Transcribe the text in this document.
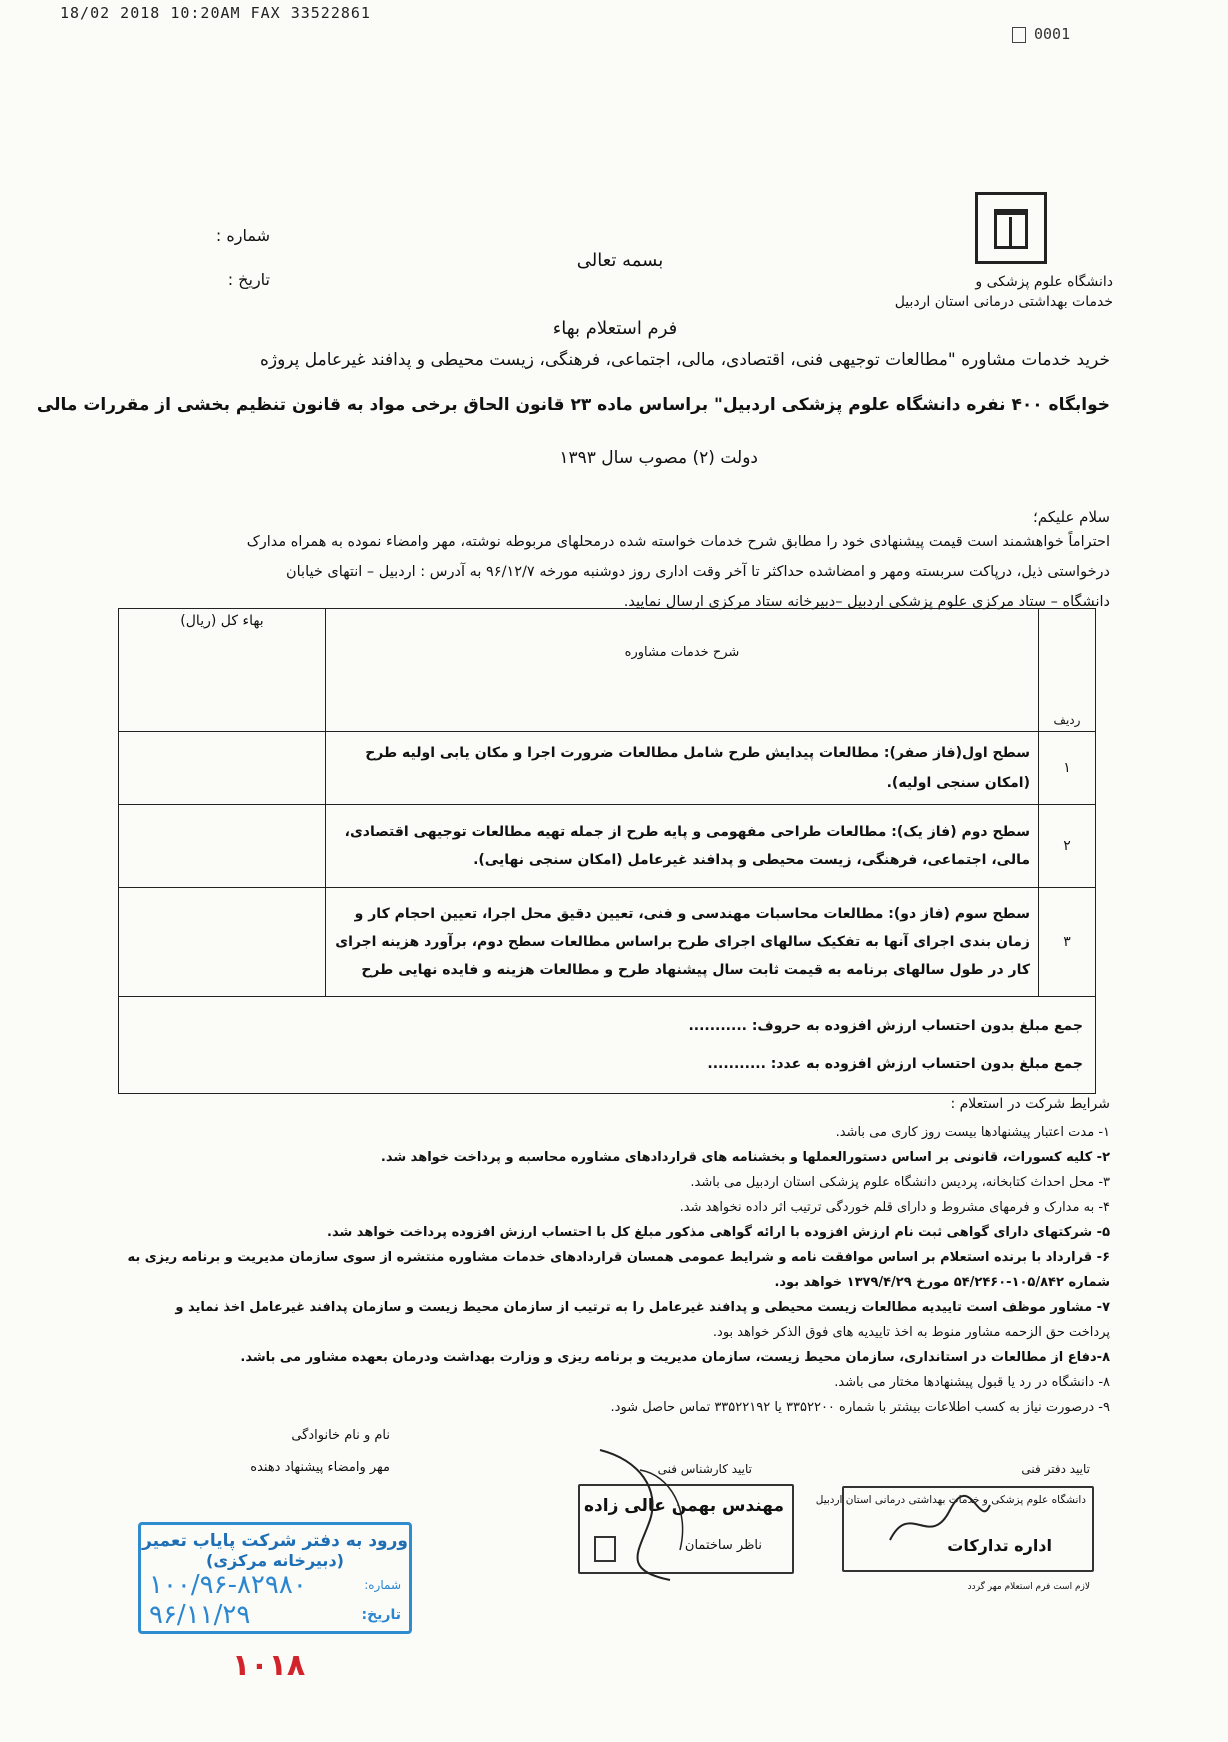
18/02 2018 10:20AM FAX 33522861
0001
دانشگاه علوم پزشکی و
خدمات بهداشتی درمانی استان اردبیل
شماره :
تاریخ :
بسمه تعالی
فرم استعلام بهاء
خرید خدمات مشاوره "مطالعات توجیهی فنی، اقتصادی، مالی، اجتماعی، فرهنگی، زیست محیطی و پدافند غیرعامل پروژه
خوابگاه ۴۰۰ نفره دانشگاه علوم پزشکی اردبیل" براساس ماده ۲۳ قانون الحاق برخی مواد به قانون تنظیم بخشی از مقررات مالی
دولت (۲) مصوب سال ۱۳۹۳
سلام علیکم؛
احتراماً خواهشمند است قیمت پیشنهادی خود را مطابق شرح خدمات خواسته شده درمحلهای مربوطه نوشته، مهر وامضاء نموده به همراه مدارک
درخواستی ذیل، درپاکت سربسته ومهر و امضاشده حداکثر تا آخر وقت اداری روز دوشنبه مورخه ۹۶/۱۲/۷ به آدرس : اردبیل – انتهای خیابان
دانشگاه – ستاد مرکزی علوم پزشکی اردبیل –دبیرخانه ستاد مرکزی ارسال نمایید.
ردیف	شرح خدمات مشاوره	بهاء کل (ریال)
۱	سطح اول(فاز صفر): مطالعات پیدایش طرح شامل مطالعات ضرورت اجرا و مکان یابی اولیه طرح (امکان سنجی اولیه).	
۲	سطح دوم (فاز یک): مطالعات طراحی مفهومی و پایه طرح از جمله تهیه مطالعات توجیهی اقتصادی، مالی، اجتماعی، فرهنگی، زیست محیطی و پدافند غیرعامل (امکان سنجی نهایی).	
۳	سطح سوم (فاز دو): مطالعات محاسبات مهندسی و فنی، تعیین دقیق محل اجرا، تعیین احجام کار و زمان بندی اجرای آنها به تفکیک سالهای اجرای طرح براساس مطالعات سطح دوم، برآورد هزینه اجرای کار در طول سالهای برنامه به قیمت ثابت سال پیشنهاد طرح و مطالعات هزینه و فایده نهایی طرح	

جمع مبلغ بدون احتساب ارزش افزوده به حروف: ...........
جمع مبلغ بدون احتساب ارزش افزوده به عدد: ...........		
شرایط شرکت در استعلام :
۱- مدت اعتبار پیشنهادها بیست روز کاری می باشد.
۲- کلیه کسورات، قانونی بر اساس دستورالعملها و بخشنامه های قراردادهای مشاوره محاسبه و پرداخت خواهد شد.
۳- محل احداث کتابخانه، پردیس دانشگاه علوم پزشکی استان اردبیل می باشد.
۴- به مدارک و فرمهای مشروط و دارای قلم خوردگی ترتیب اثر داده نخواهد شد.
۵- شرکتهای دارای گواهی ثبت نام ارزش افزوده با ارائه گواهی مذکور مبلغ کل با احتساب ارزش افزوده پرداخت خواهد شد.
۶- قرارداد با برنده استعلام بر اساس موافقت نامه و شرایط عمومی همسان قراردادهای خدمات مشاوره منتشره از سوی سازمان مدیریت و برنامه ریزی به
شماره ۱۰۵/۸۴۲-۵۴/۲۴۶۰ مورخ ۱۳۷۹/۴/۲۹ خواهد بود.
۷- مشاور موظف است تاییدیه مطالعات زیست محیطی و پدافند غیرعامل را به ترتیب از سازمان محیط زیست و سازمان پدافند غیرعامل اخذ نماید و
پرداخت حق الزحمه مشاور منوط به اخذ تاییدیه های فوق الذکر خواهد بود.
۸-دفاع از مطالعات در استانداری، سازمان محیط زیست، سازمان مدیریت و برنامه ریزی و وزارت بهداشت ودرمان بعهده مشاور می باشد.
۸- دانشگاه در رد یا قبول پیشنهادها مختار می باشد.
۹- درصورت نیاز به کسب اطلاعات بیشتر با شماره ۳۳۵۲۲۰۰ یا ۳۳۵۲۲۱۹۲ تماس حاصل شود.
نام و نام خانوادگی
مهر وامضاء پیشنهاد دهنده	تایید کارشناس فنی
مهندس بهمن عالی زاده
ناظر ساختمان
تایید دفتر فنی
دانشگاه علوم پزشکی و خدمات بهداشتی درمانی استان اردبیل
اداره تدارکات
لازم است فرم استعلام مهر گردد
ورود به دفتر شرکت پایاب تعمیر
(دبیرخانه مرکزی)
شماره:
۱۰۰/۹۶-۸۲۹۸۰
تاریخ:
۹۶/۱۱/۲۹
۱۰۱۸
